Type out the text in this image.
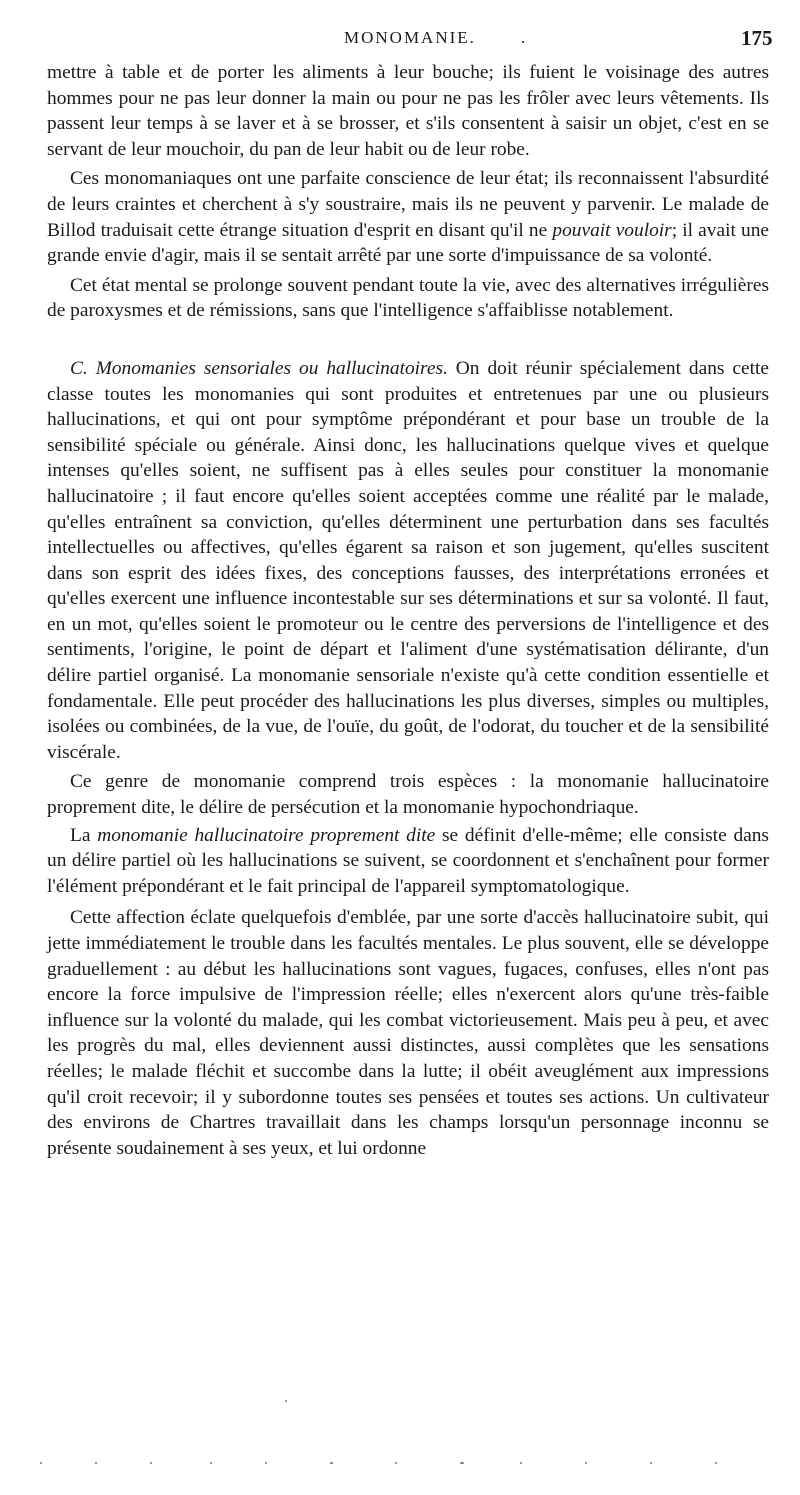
MONOMANIE.	.	175

mettre à table et de porter les aliments à leur bouche; ils fuient le voisinage des autres hommes pour ne pas leur donner la main ou pour ne pas les frôler avec leurs vêtements. Ils passent leur temps à se laver et à se brosser, et s'ils consentent à saisir un objet, c'est en se servant de leur mouchoir, du pan de leur habit ou de leur robe.

Ces monomaniaques ont une parfaite conscience de leur état; ils reconnaissent l'absurdité de leurs craintes et cherchent à s'y soustraire, mais ils ne peuvent y parvenir. Le malade de Billod traduisait cette étrange situation d'esprit en disant qu'il ne pouvait vouloir; il avait une grande envie d'agir, mais il se sentait arrêté par une sorte d'impuissance de sa volonté.

Cet état mental se prolonge souvent pendant toute la vie, avec des alternatives irrégulières de paroxysmes et de rémissions, sans que l'intelligence s'affaiblisse notablement.

C. Monomanies sensoriales ou hallucinatoires. On doit réunir spécialement dans cette classe toutes les monomanies qui sont produites et entretenues par une ou plusieurs hallucinations, et qui ont pour symptôme prépondérant et pour base un trouble de la sensibilité spéciale ou générale. Ainsi donc, les hallucinations quelque vives et quelque intenses qu'elles soient, ne suffisent pas à elles seules pour constituer la monomanie hallucinatoire ; il faut encore qu'elles soient acceptées comme une réalité par le malade, qu'elles entraînent sa conviction, qu'elles déterminent une perturbation dans ses facultés intellectuelles ou affectives, qu'elles égarent sa raison et son jugement, qu'elles suscitent dans son esprit des idées fixes, des conceptions fausses, des interprétations erronées et qu'elles exercent une influence incontestable sur ses déterminations et sur sa volonté. Il faut, en un mot, qu'elles soient le promoteur ou le centre des perversions de l'intelligence et des sentiments, l'origine, le point de départ et l'aliment d'une systématisation délirante, d'un délire partiel organisé. La monomanie sensoriale n'existe qu'à cette condition essentielle et fondamentale. Elle peut procéder des hallucinations les plus diverses, simples ou multiples, isolées ou combinées, de la vue, de l'ouïe, du goût, de l'odorat, du toucher et de la sensibilité viscérale.

Ce genre de monomanie comprend trois espèces : la monomanie hallucinatoire proprement dite, le délire de persécution et la monomanie hypochondriaque.

La monomanie hallucinatoire proprement dite se définit d'elle-même; elle consiste dans un délire partiel où les hallucinations se suivent, se coordonnent et s'enchaînent pour former l'élément prépondérant et le fait principal de l'appareil symptomatologique.

Cette affection éclate quelquefois d'emblée, par une sorte d'accès hallucinatoire subit, qui jette immédiatement le trouble dans les facultés mentales. Le plus souvent, elle se développe graduellement : au début les hallucinations sont vagues, fugaces, confuses, elles n'ont pas encore la force impulsive de l'impression réelle; elles n'exercent alors qu'une très-faible influence sur la volonté du malade, qui les combat victorieusement. Mais peu à peu, et avec les progrès du mal, elles deviennent aussi distinctes, aussi complètes que les sensations réelles; le malade fléchit et succombe dans la lutte; il obéit aveuglément aux impressions qu'il croit recevoir; il y subordonne toutes ses pensées et toutes ses actions. Un cultivateur des environs de Chartres travaillait dans les champs lorsqu'un personnage inconnu se présente soudainement à ses yeux, et lui ordonne
